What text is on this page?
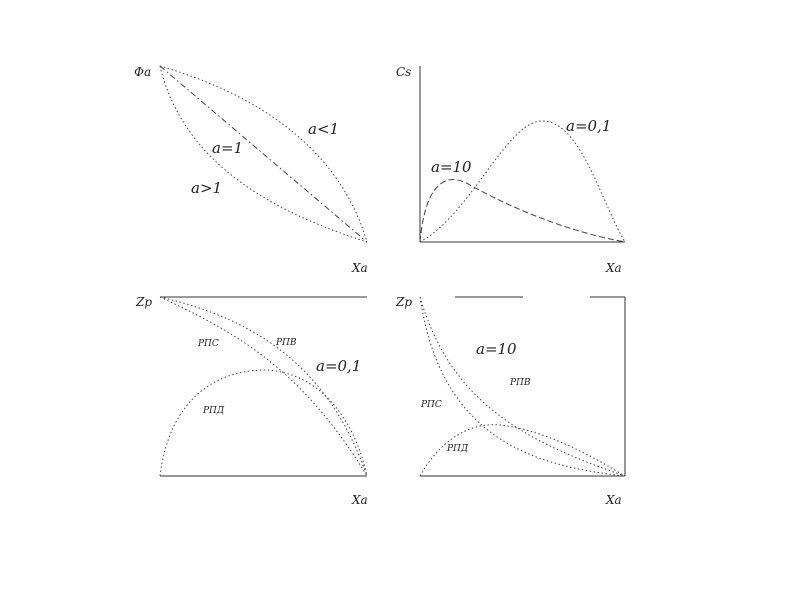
Фа
Xa
a<1
a=1
a>1
Cs
Xa
a=10
a=0,1
Zp
Xa
РПС	РПВ
a=0,1
РПД
Zp
Xa
a=10
РПВ
РПС
РПД
